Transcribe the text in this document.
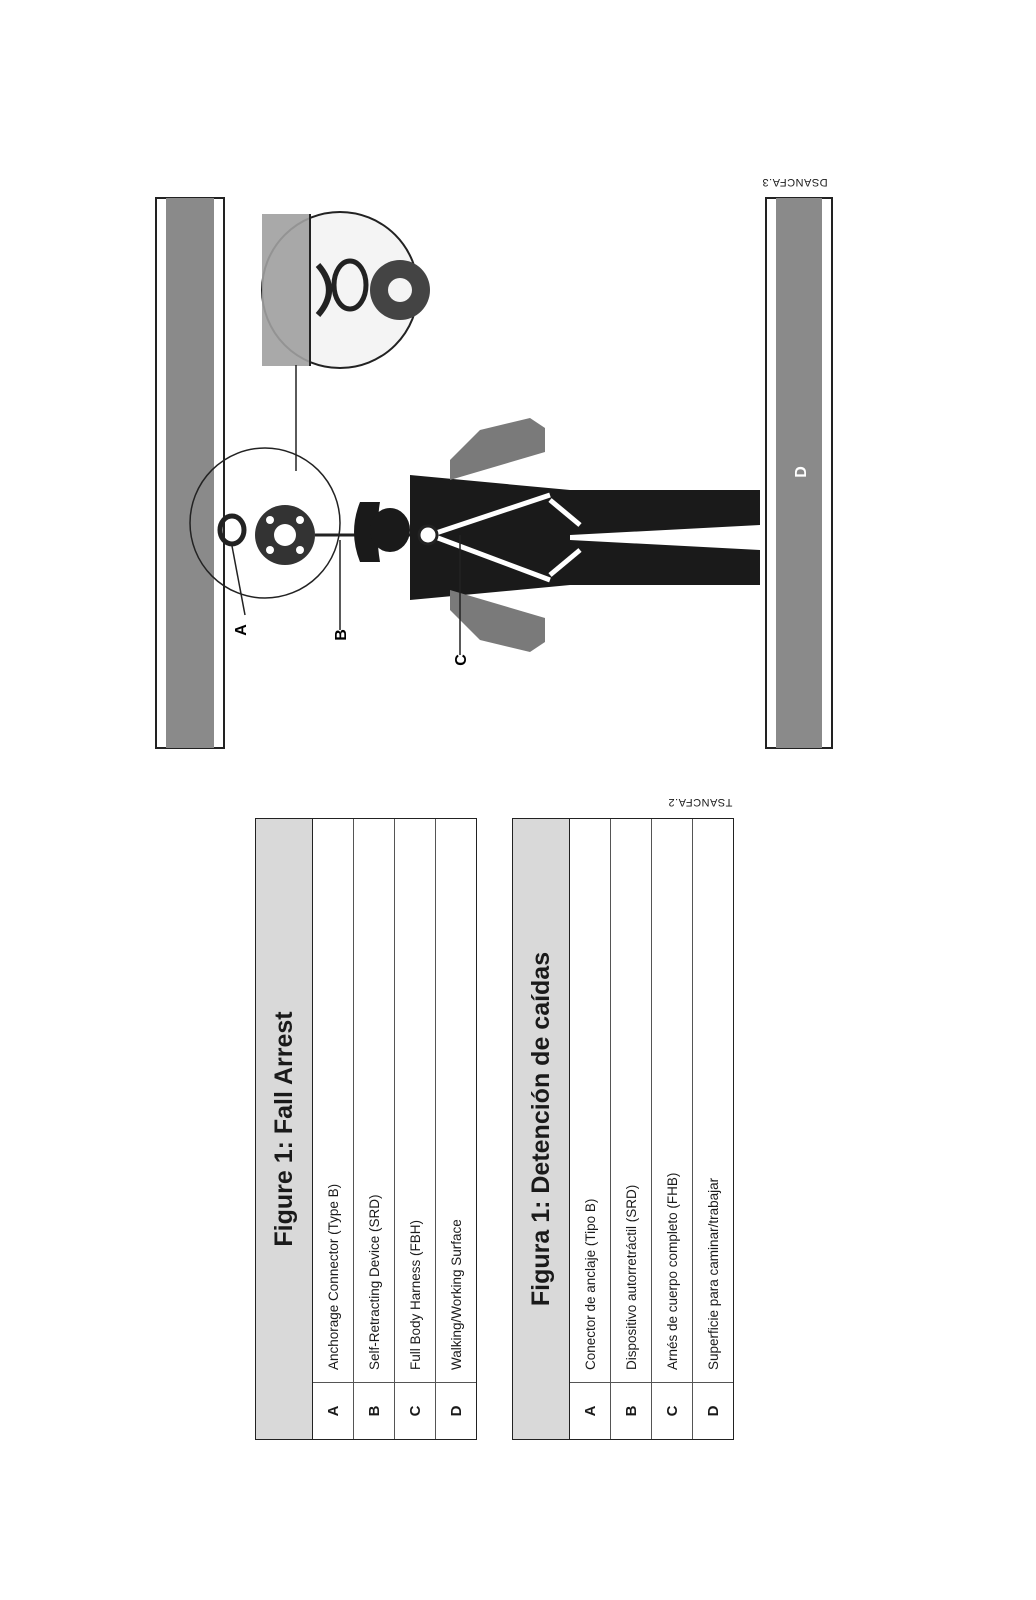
Figure 1: Fall Arrest
A
Anchorage Connector (Type B)
B
Self-Retracting Device (SRD)
C
Full Body Harness (FBH)
D
Walking/Working Surface	Figura 1: Detención de caídas
A
Conector de anclaje (Tipo B)
B
Dispositivo autorretráctil (SRD)
C
Arnés de cuerpo completo (FHB)
D
Superficie para caminar/trabajar
TSANCFA.2
DSANCFA.3
A	B
C
D
